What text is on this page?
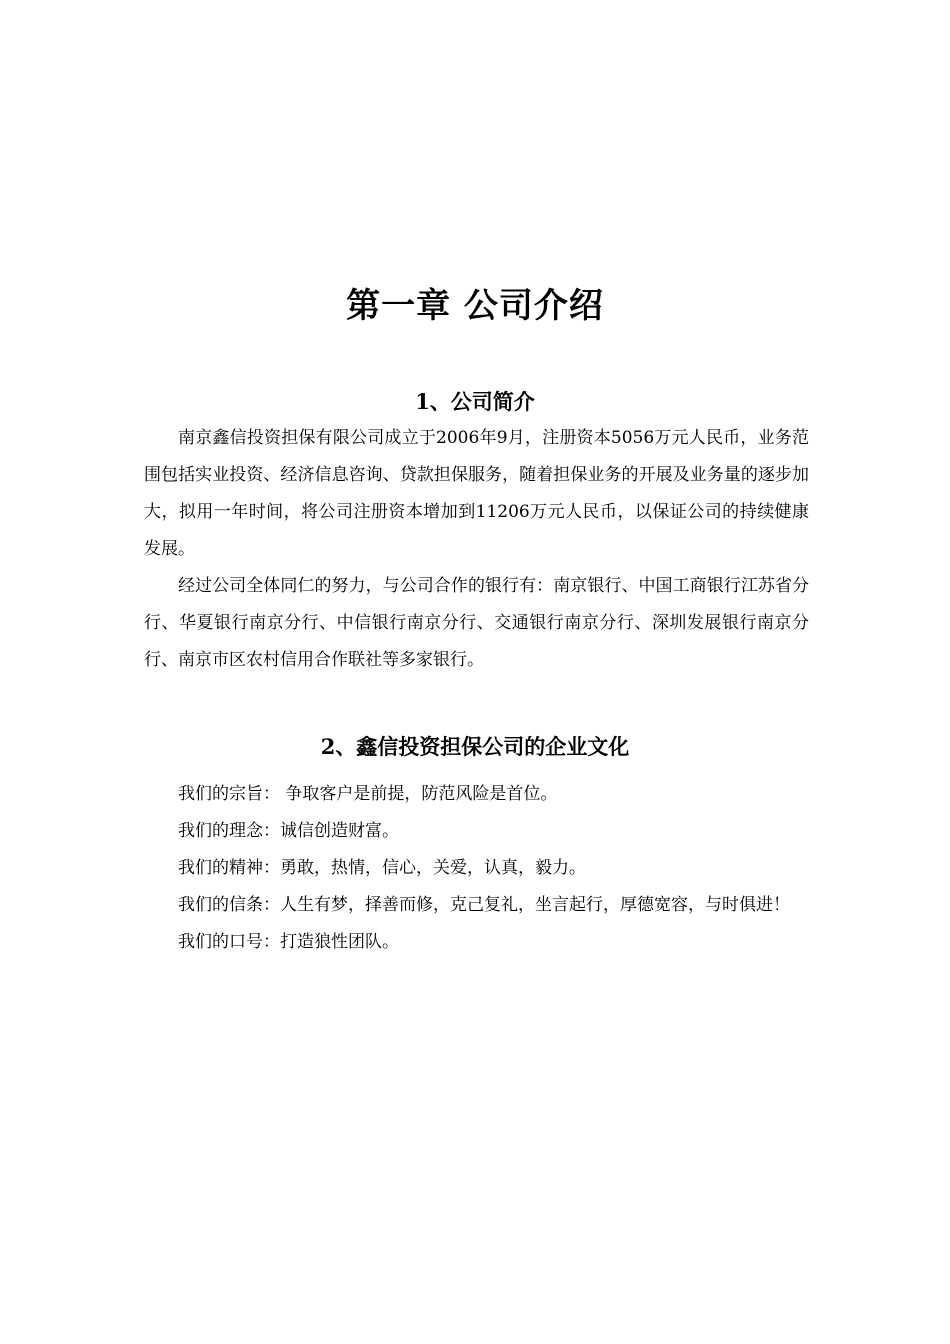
第一章 公司介绍
1、公司简介

南京鑫信投资担保有限公司成立于2006年9月，注册资本5056万元人民币，业务范围包括实业投资、经济信息咨询、贷款担保服务，随着担保业务的开展及业务量的逐步加大，拟用一年时间，将公司注册资本增加到11206万元人民币，以保证公司的持续健康发展。

经过公司全体同仁的努力，与公司合作的银行有：南京银行、中国工商银行江苏省分行、华夏银行南京分行、中信银行南京分行、交通银行南京分行、深圳发展银行南京分行、南京市区农村信用合作联社等多家银行。

2、鑫信投资担保公司的企业文化

我们的宗旨： 争取客户是前提，防范风险是首位。

我们的理念：诚信创造财富。

我们的精神：勇敢，热情，信心，关爱，认真，毅力。

我们的信条：人生有梦，择善而修，克己复礼，坐言起行，厚德宽容，与时俱进！

我们的口号：打造狼性团队。
